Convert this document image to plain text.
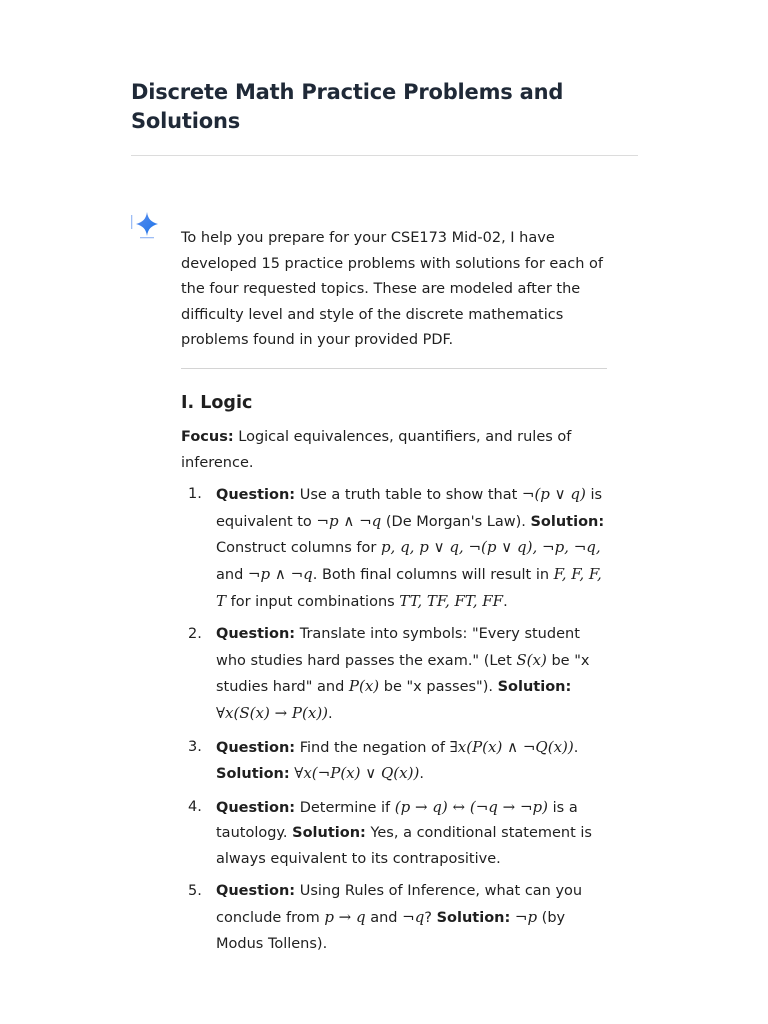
Discrete Math Practice Problems and Solutions

To help you prepare for your CSE173 Mid-02, I have developed 15 practice problems with solutions for each of the four requested topics. These are modeled after the difficulty level and style of the discrete mathematics problems found in your provided PDF.

I. Logic

Focus: Logical equivalences, quantifiers, and rules of inference.

1. Question: Use a truth table to show that ¬(p ∨ q) is equivalent to ¬p ∧ ¬q (De Morgan's Law). Solution: Construct columns for p, q, p ∨ q, ¬(p ∨ q), ¬p, ¬q, and ¬p ∧ ¬q. Both final columns will result in F, F, F, T for input combinations TT, TF, FT, FF.
2. Question: Translate into symbols: "Every student who studies hard passes the exam." (Let S(x) be "x studies hard" and P(x) be "x passes"). Solution:
∀x(S(x) → P(x)).
3. Question: Find the negation of ∃x(P(x) ∧ ¬Q(x)).
Solution: ∀x(¬P(x) ∨ Q(x)).
4. Question: Determine if (p → q) ↔ (¬q → ¬p) is a tautology. Solution: Yes, a conditional statement is always equivalent to its contrapositive.
5. Question: Using Rules of Inference, what can you conclude from p → q and ¬q? Solution: ¬p (by Modus Tollens).
